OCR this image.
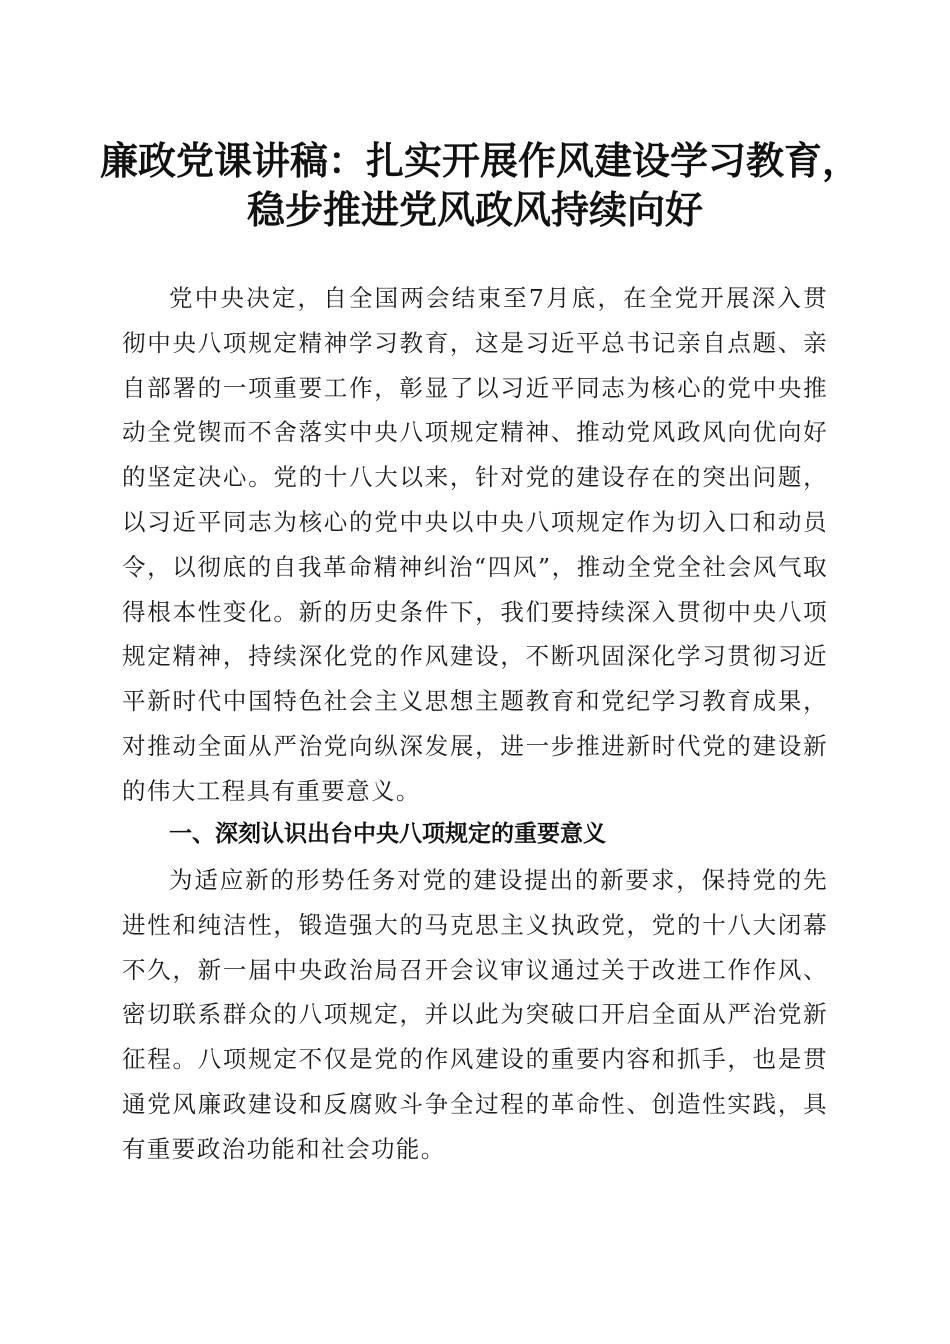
廉政党课讲稿：扎实开展作风建设学习教育，
稳步推进党风政风持续向好

党中央决定，自全国两会结束至7月底，在全党开展深入贯彻中央八项规定精神学习教育，这是习近平总书记亲自点题、亲自部署的一项重要工作，彰显了以习近平同志为核心的党中央推动全党锲而不舍落实中央八项规定精神、推动党风政风向优向好的坚定决心。党的十八大以来，针对党的建设存在的突出问题，以习近平同志为核心的党中央以中央八项规定作为切入口和动员令，以彻底的自我革命精神纠治“四风”，推动全党全社会风气取得根本性变化。新的历史条件下，我们要持续深入贯彻中央八项规定精神，持续深化党的作风建设，不断巩固深化学习贯彻习近平新时代中国特色社会主义思想主题教育和党纪学习教育成果，对推动全面从严治党向纵深发展，进一步推进新时代党的建设新的伟大工程具有重要意义。

一、深刻认识出台中央八项规定的重要意义

为适应新的形势任务对党的建设提出的新要求，保持党的先进性和纯洁性，锻造强大的马克思主义执政党，党的十八大闭幕不久，新一届中央政治局召开会议审议通过关于改进工作作风、密切联系群众的八项规定，并以此为突破口开启全面从严治党新征程。八项规定不仅是党的作风建设的重要内容和抓手，也是贯通党风廉政建设和反腐败斗争全过程的革命性、创造性实践，具有重要政治功能和社会功能。
